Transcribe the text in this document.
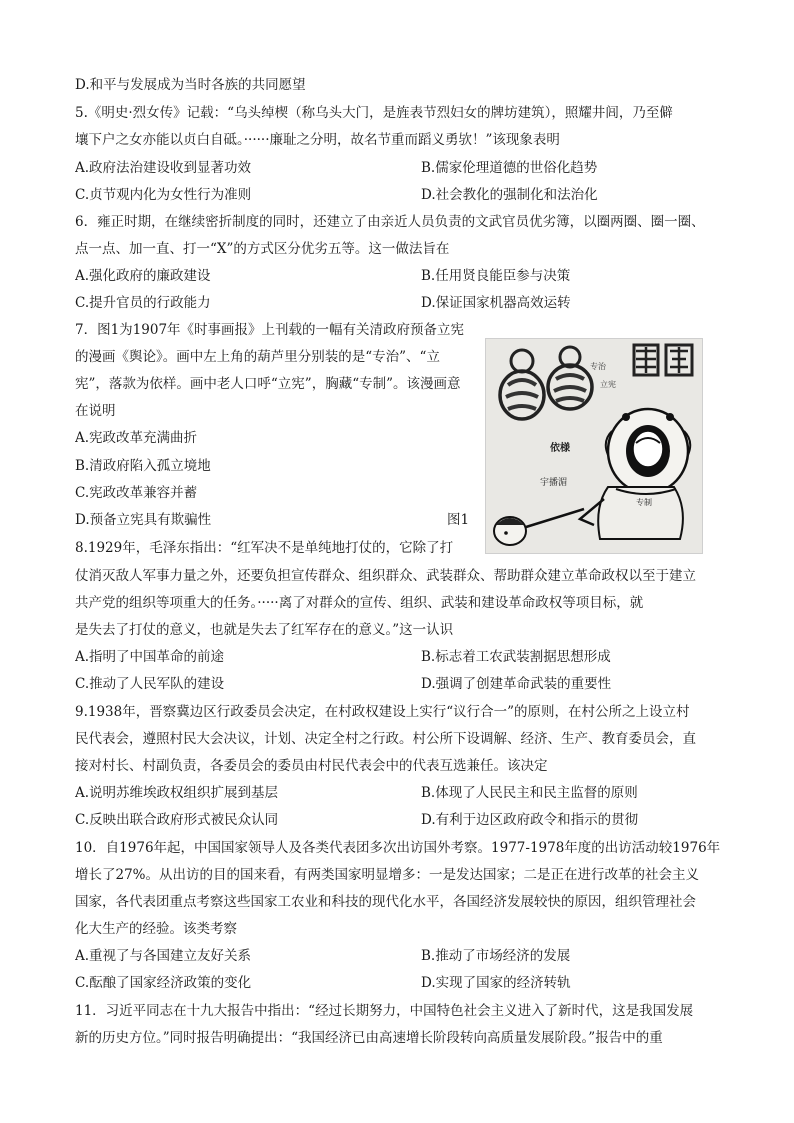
D.和平与发展成为当时各族的共同愿望
5.《明史·烈女传》记载：“乌头绰楔（称乌头大门，是旌表节烈妇女的牌坊建筑），照耀井闾，乃至僻
壤下户之女亦能以贞白自砥。······廉耻之分明，故名节重而蹈义勇欤！”该现象表明
A.政府法治建设收到显著功效	B.儒家伦理道德的世俗化趋势
C.贞节观内化为女性行为准则	D.社会教化的强制化和法治化
6．雍正时期，在继续密折制度的同时，还建立了由亲近人员负责的文武官员优劣簿，以圈两圈、圈一圈、
点一点、加一直、打一“X”的方式区分优劣五等。这一做法旨在
A.强化政府的廉政建设	B.任用贤良能臣参与决策
C.提升官员的行政能力	D.保证国家机器高效运转
7．图1为1907年《时事画报》上刊载的一幅有关清政府预备立宪
的漫画《舆论》。画中左上角的葫芦里分别装的是“专治”、“立
宪”，落款为依样。画中老人口呼“立宪”，胸藏“专制”。该漫画意
在说明
A.宪政改革充满曲折
B.清政府陷入孤立境地
C.宪政改革兼容并蓄
D.预备立宪具有欺骗性	图1
专治
立宪
依様
宇播湄
专制
8.1929年，毛泽东指出：“红军决不是单纯地打仗的，它除了打
仗消灭敌人军事力量之外，还要负担宣传群众、组织群众、武装群众、帮助群众建立革命政权以至于建立
共产党的组织等项重大的任务。·····离了对群众的宣传、组织、武装和建设革命政权等项目标，就
是失去了打仗的意义，也就是失去了红军存在的意义。”这一认识
A.指明了中国革命的前途	B.标志着工农武装割据思想形成
C.推动了人民军队的建设	D.强调了创建革命武装的重要性
9.1938年，晋察冀边区行政委员会决定，在村政权建设上实行“议行合一”的原则，在村公所之上设立村
民代表会，遵照村民大会决议，计划、决定全村之行政。村公所下设调解、经济、生产、教育委员会，直
接对村长、村副负责，各委员会的委员由村民代表会中的代表互选兼任。该决定
A.说明苏维埃政权组织扩展到基层	B.体现了人民民主和民主监督的原则
C.反映出联合政府形式被民众认同	D.有利于边区政府政令和指示的贯彻
10．自1976年起，中国国家领导人及各类代表团多次出访国外考察。1977-1978年度的出访活动较1976年
增长了27%。从出访的目的国来看，有两类国家明显增多：一是发达国家；二是正在进行改革的社会主义
国家，各代表团重点考察这些国家工农业和科技的现代化水平，各国经济发展较快的原因，组织管理社会
化大生产的经验。该类考察
A.重视了与各国建立友好关系	B.推动了市场经济的发展
C.酝酿了国家经济政策的变化	D.实现了国家的经济转轨
11．习近平同志在十九大报告中指出：“经过长期努力，中国特色社会主义进入了新时代，这是我国发展
新的历史方位。”同时报告明确提出：“我国经济已由高速增长阶段转向高质量发展阶段。”报告中的重
